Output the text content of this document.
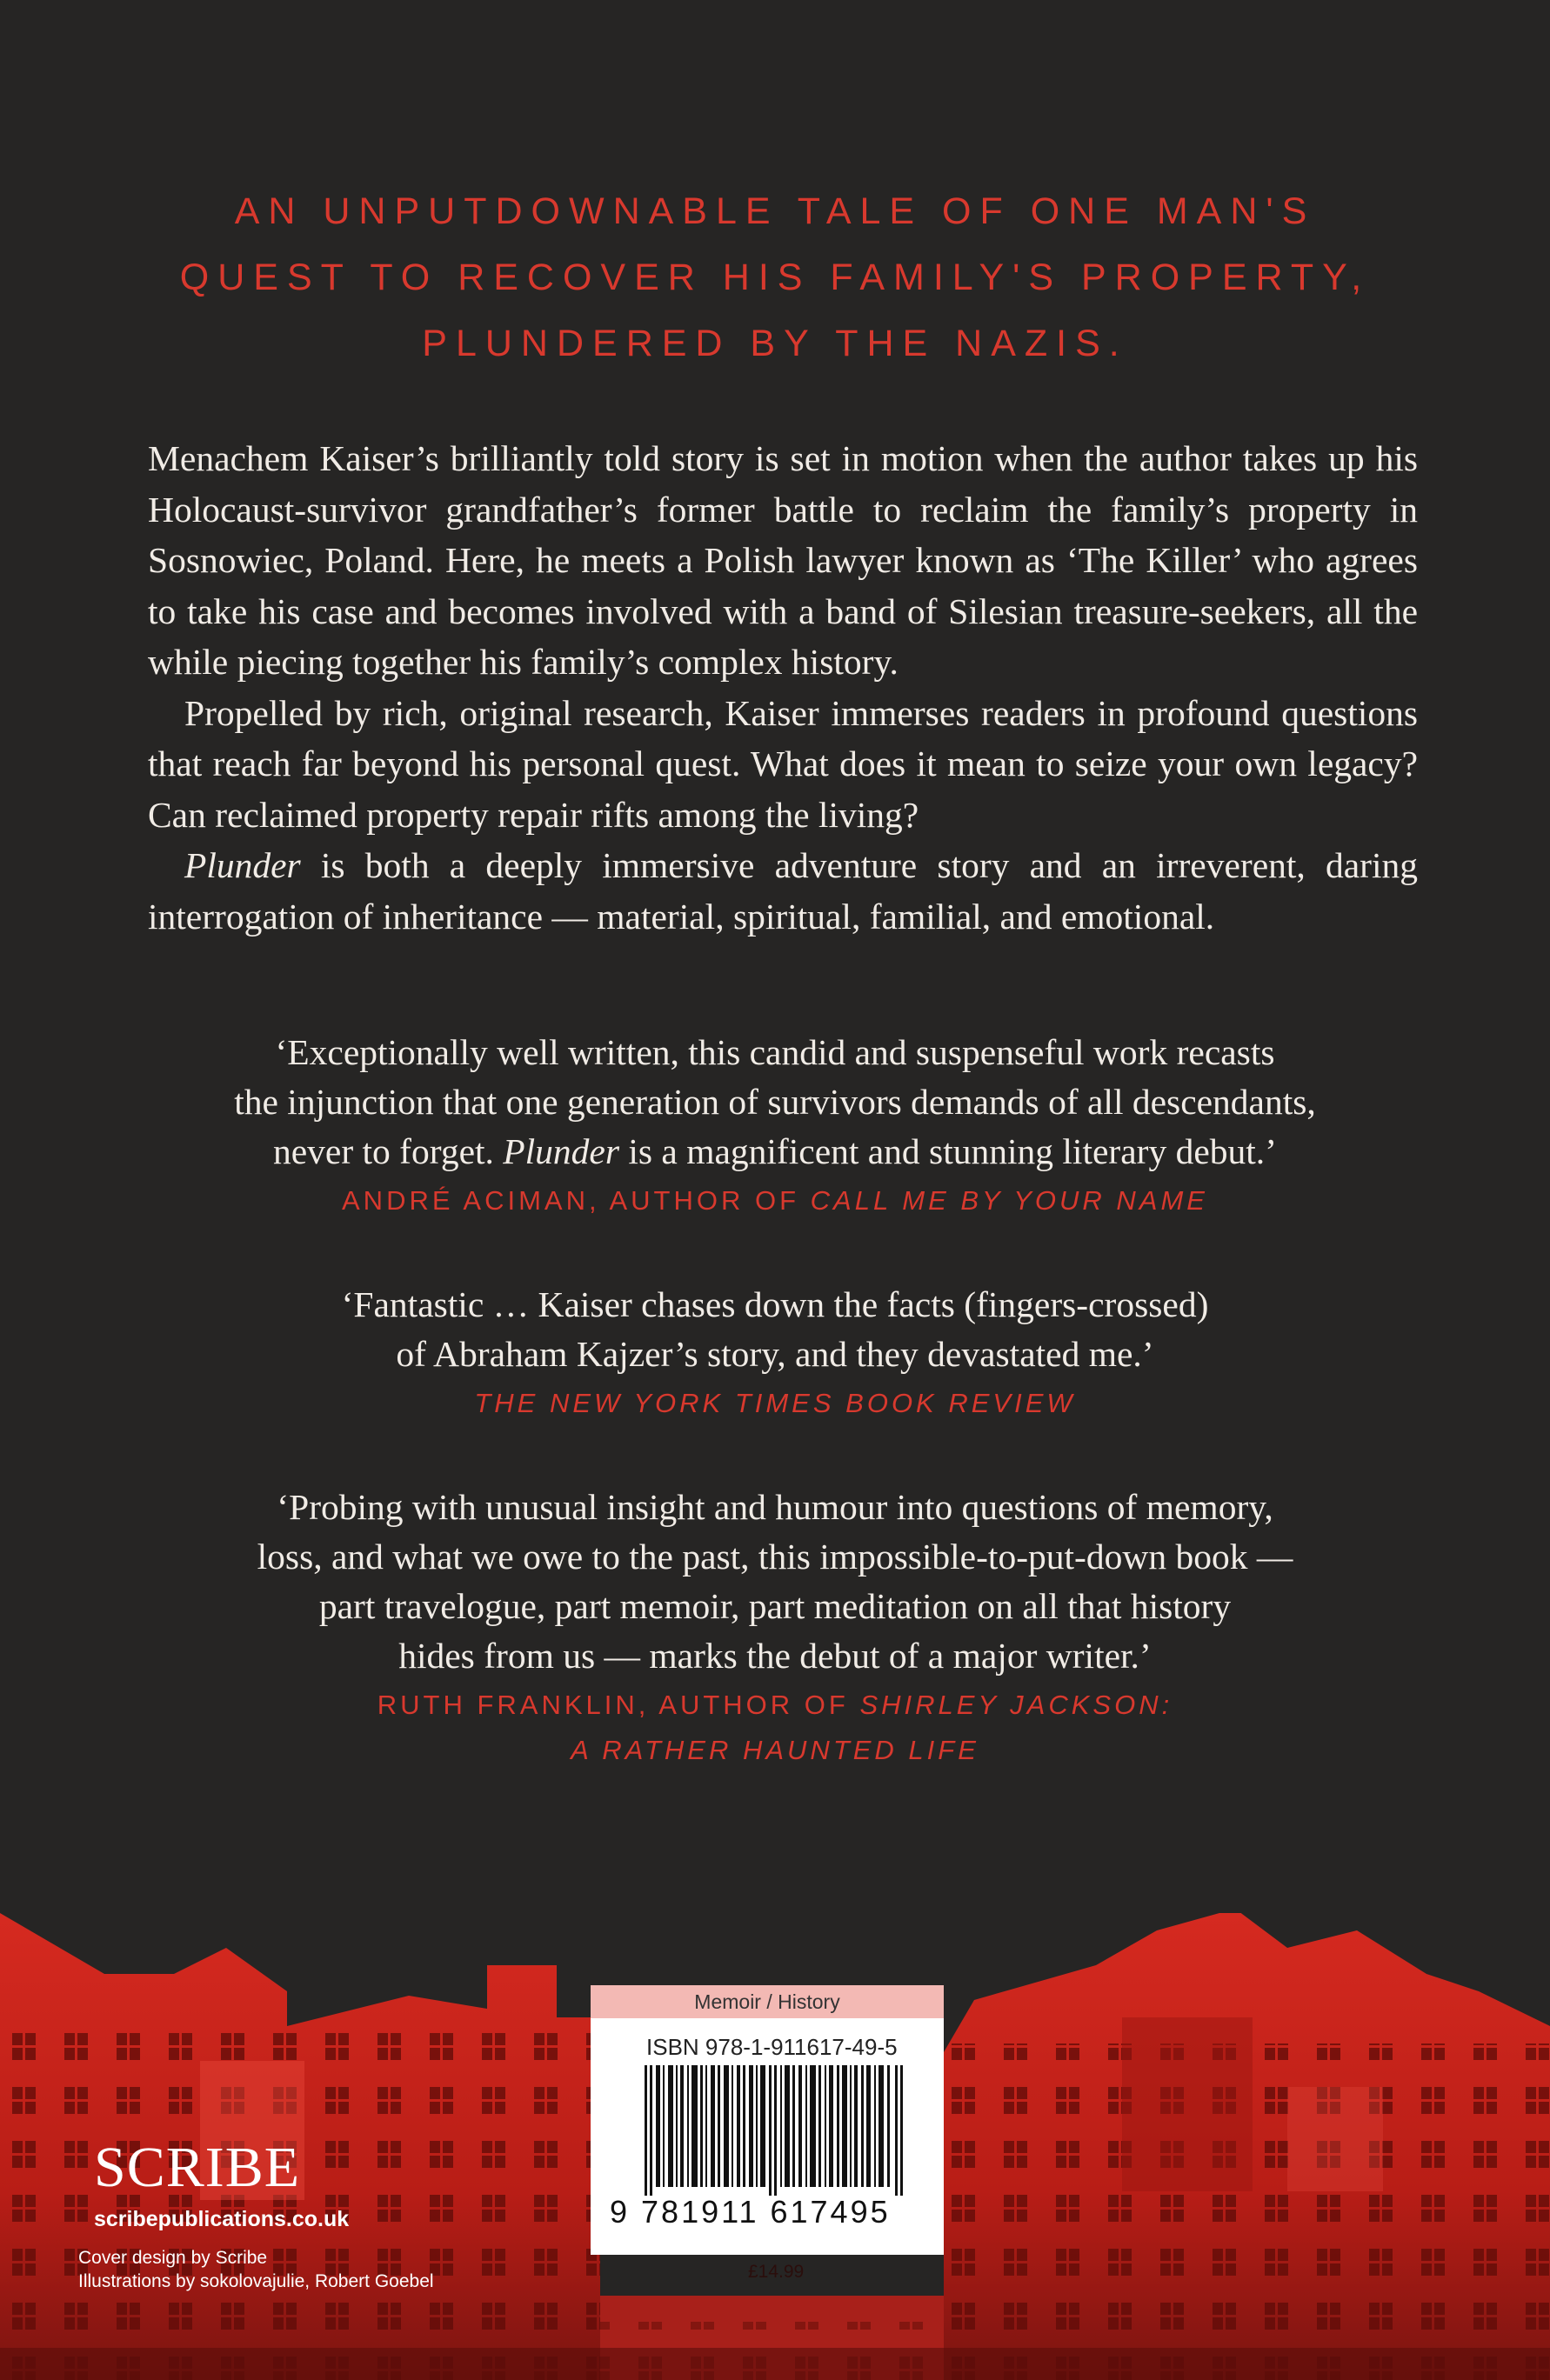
AN UNPUTDOWNABLE TALE OF ONE MAN'S
QUEST TO RECOVER HIS FAMILY'S PROPERTY,
PLUNDERED BY THE NAZIS.

Menachem Kaiser’s brilliantly told story is set in motion when the author takes up his Holocaust-survivor grandfather’s former battle to reclaim the family’s property in Sosnowiec, Poland. Here, he meets a Polish lawyer known as ‘The Killer’ who agrees to take his case and becomes involved with a band of Silesian treasure-seekers, all the while piecing together his family’s complex history.

Propelled by rich, original research, Kaiser immerses readers in profound questions that reach far beyond his personal quest. What does it mean to seize your own legacy? Can reclaimed property repair rifts among the living?

Plunder is both a deeply immersive adventure story and an irreverent, daring interrogation of inheritance — material, spiritual, familial, and emotional.

‘Exceptionally well written, this candid and suspenseful work recasts
the injunction that one generation of survivors demands of all descendants,
never to forget. Plunder is a magnificent and stunning literary debut.’
ANDRÉ ACIMAN, AUTHOR OF CALL ME BY YOUR NAME
‘Fantastic … Kaiser chases down the facts (fingers-crossed)
of Abraham Kajzer’s story, and they devastated me.’
THE NEW YORK TIMES BOOK REVIEW
‘Probing with unusual insight and humour into questions of memory,
loss, and what we owe to the past, this impossible-to-put-down book —
part travelogue, part memoir, part meditation on all that history
hides from us — marks the debut of a major writer.’
RUTH FRANKLIN, AUTHOR OF SHIRLEY JACKSON:
A RATHER HAUNTED LIFE
SCRIBE
scribepublications.co.uk
Cover design by Scribe
Illustrations by sokolovajulie, Robert Goebel
Memoir / History
ISBN 978-1-911617-49-5
9 781911 617495
£14.99
